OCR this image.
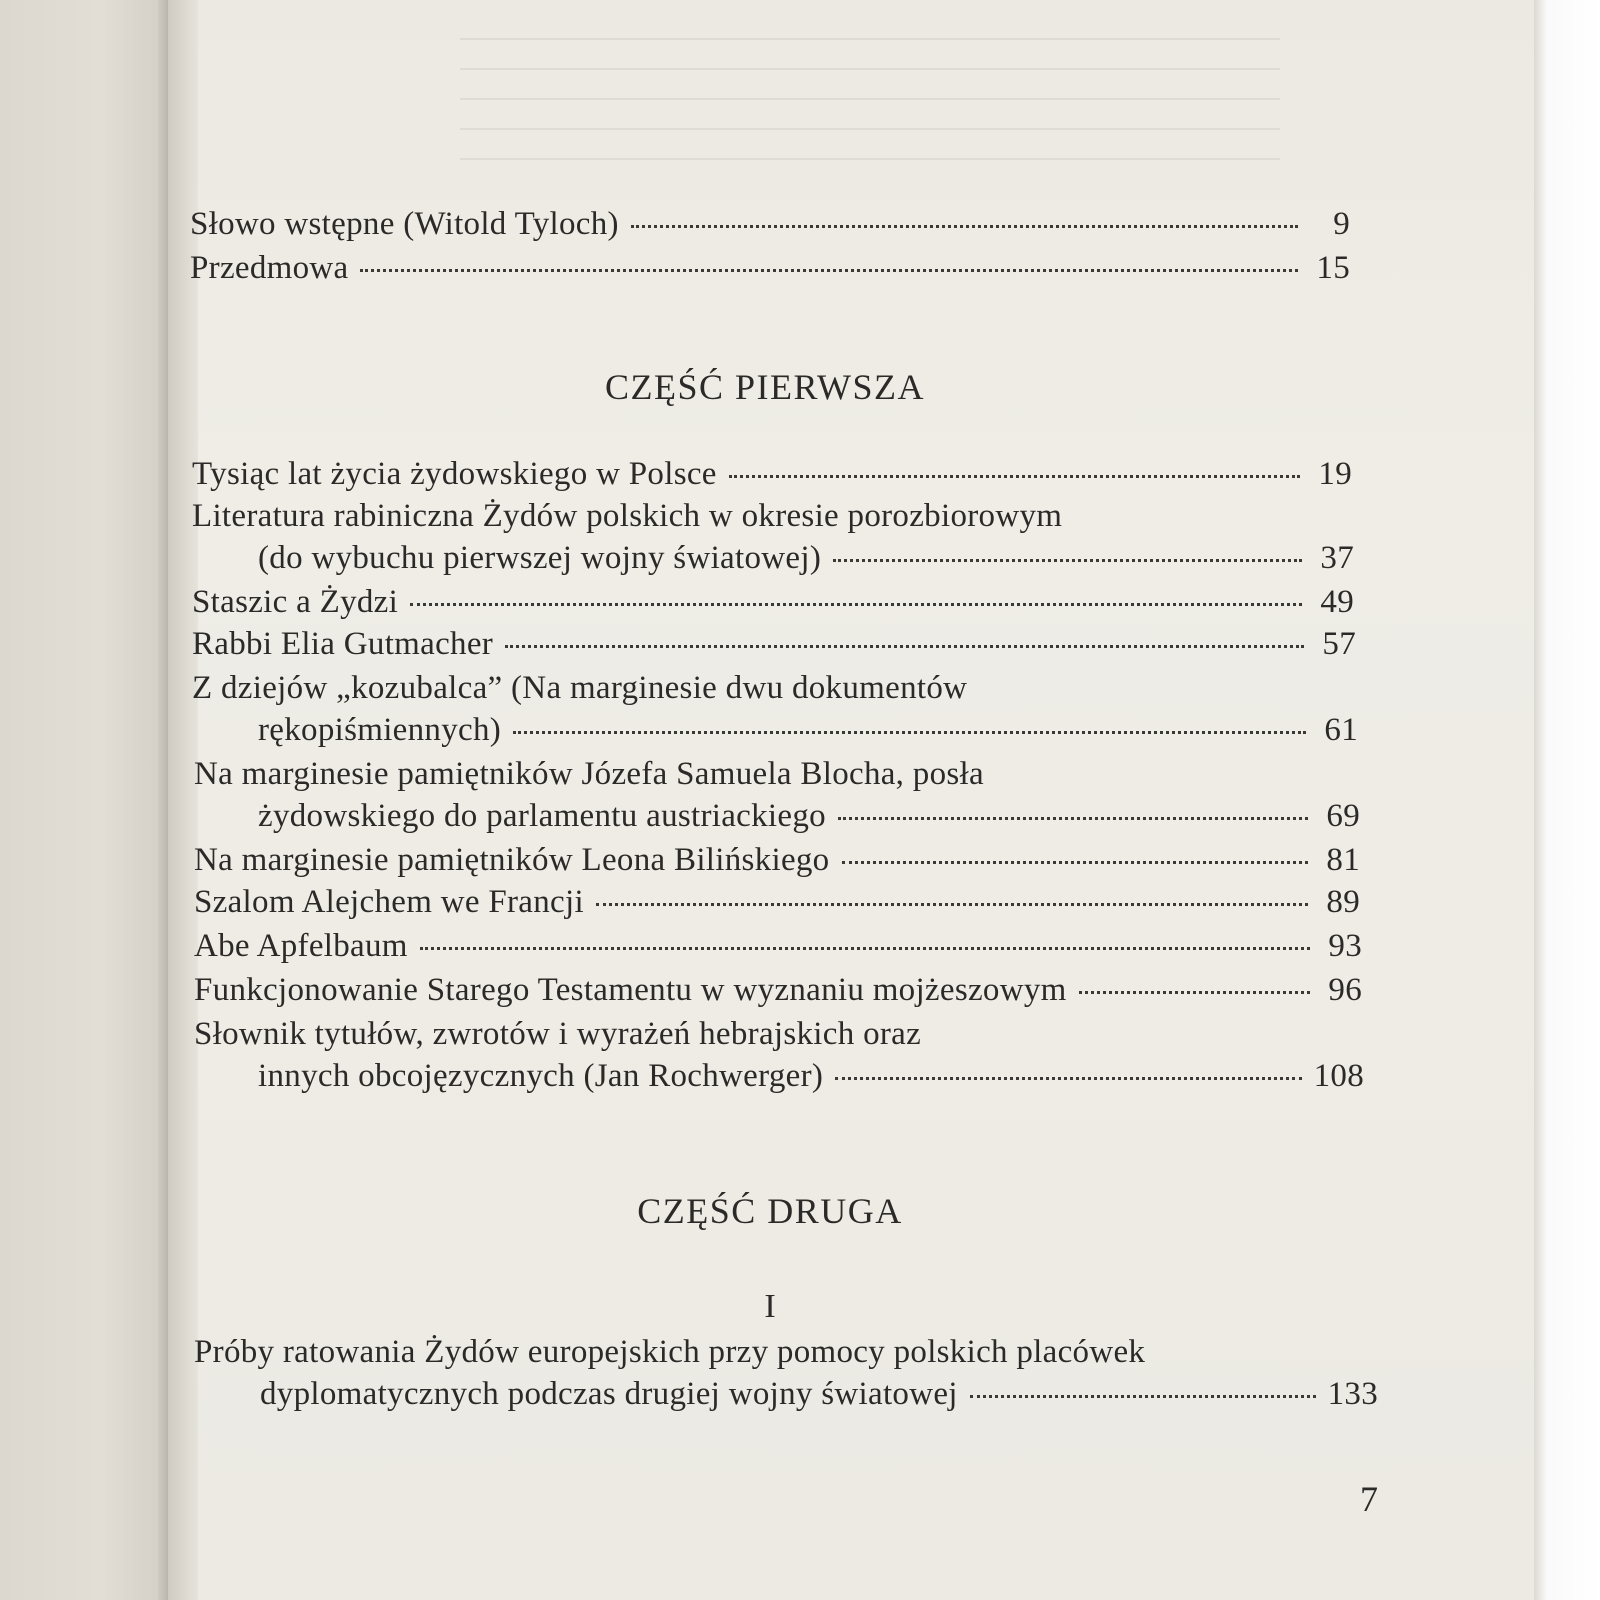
Słowo wstępne (Witold Tyloch)	9
Przedmowa	15
CZĘŚĆ PIERWSZA
Tysiąc lat życia żydowskiego w Polsce	19
Literatura rabiniczna Żydów polskich w okresie porozbiorowym
(do wybuchu pierwszej wojny światowej)	37
Staszic a Żydzi	49
Rabbi Elia Gutmacher	57
Z dziejów „kozubalca” (Na marginesie dwu dokumentów
rękopiśmiennych)	61
Na marginesie pamiętników Józefa Samuela Blocha, posła
żydowskiego do parlamentu austriackiego	69
Na marginesie pamiętników Leona Bilińskiego	81
Szalom Alejchem we Francji	89
Abe Apfelbaum	93
Funkcjonowanie Starego Testamentu w wyznaniu mojżeszowym	96
Słownik tytułów, zwrotów i wyrażeń hebrajskich oraz
innych obcojęzycznych (Jan Rochwerger)	108
CZĘŚĆ DRUGA
I
Próby ratowania Żydów europejskich przy pomocy polskich placówek
dyplomatycznych podczas drugiej wojny światowej	133
7
